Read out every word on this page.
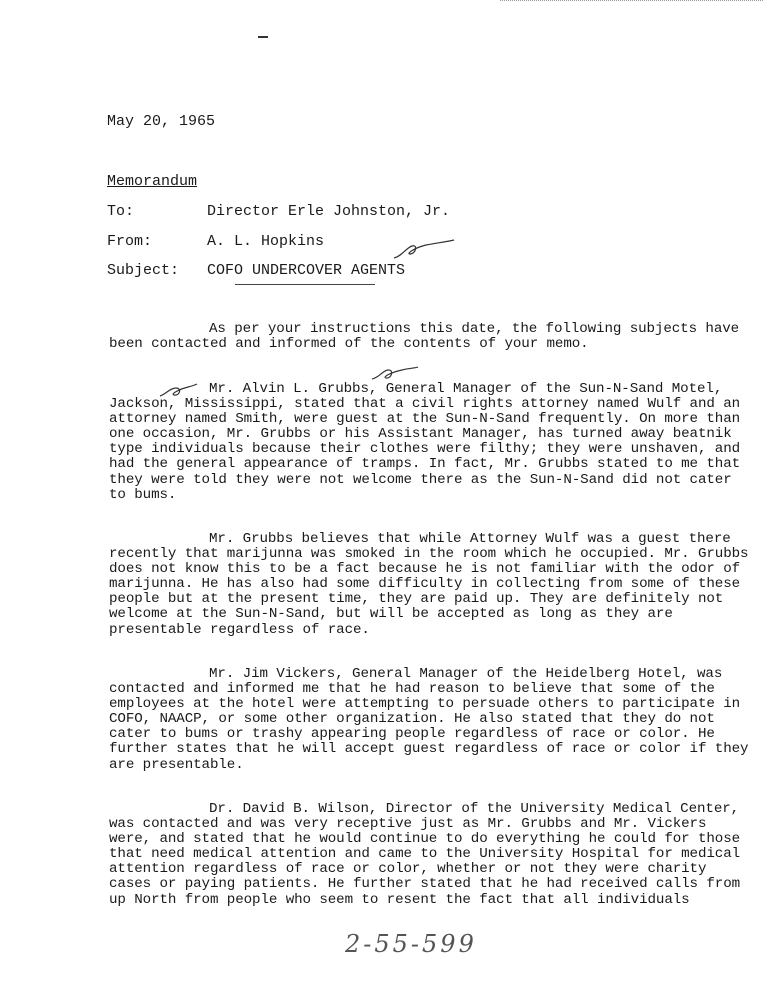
May 20, 1965
Memorandum
To:	Director Erle Johnston, Jr.
From:	A. L. Hopkins
Subject: COFO UNDERCOVER AGENTS
As per your instructions this date, the following subjects have been contacted and informed of the contents of your memo.
Mr. Alvin L. Grubbs, General Manager of the Sun-N-Sand Motel, Jackson, Mississippi, stated that a civil rights attorney named Wulf and an attorney named Smith, were guest at the Sun-N-Sand frequently. On more than one occasion, Mr. Grubbs or his Assistant Manager, has turned away beatnik type individuals because their clothes were filthy; they were unshaven, and had the general appearance of tramps. In fact, Mr. Grubbs stated to me that they were told they were not welcome there as the Sun-N-Sand did not cater to bums.
Mr. Grubbs believes that while Attorney Wulf was a guest there recently that marijunna was smoked in the room which he occupied. Mr. Grubbs does not know this to be a fact because he is not familiar with the odor of marijunna. He has also had some difficulty in collecting from some of these people but at the present time, they are paid up. They are definitely not welcome at the Sun-N-Sand, but will be accepted as long as they are presentable regardless of race.
Mr. Jim Vickers, General Manager of the Heidelberg Hotel, was contacted and informed me that he had reason to believe that some of the employees at the hotel were attempting to persuade others to participate in COFO, NAACP, or some other organization. He also stated that they do not cater to bums or trashy appearing people regardless of race or color. He further states that he will accept guest regardless of race or color if they are presentable.
Dr. David B. Wilson, Director of the University Medical Center, was contacted and was very receptive just as Mr. Grubbs and Mr. Vickers were, and stated that he would continue to do everything he could for those that need medical attention and came to the University Hospital for medical attention regardless of race or color, whether or not they were charity cases or paying patients. He further stated that he had received calls from up North from people who seem to resent the fact that all individuals
2-55-599
